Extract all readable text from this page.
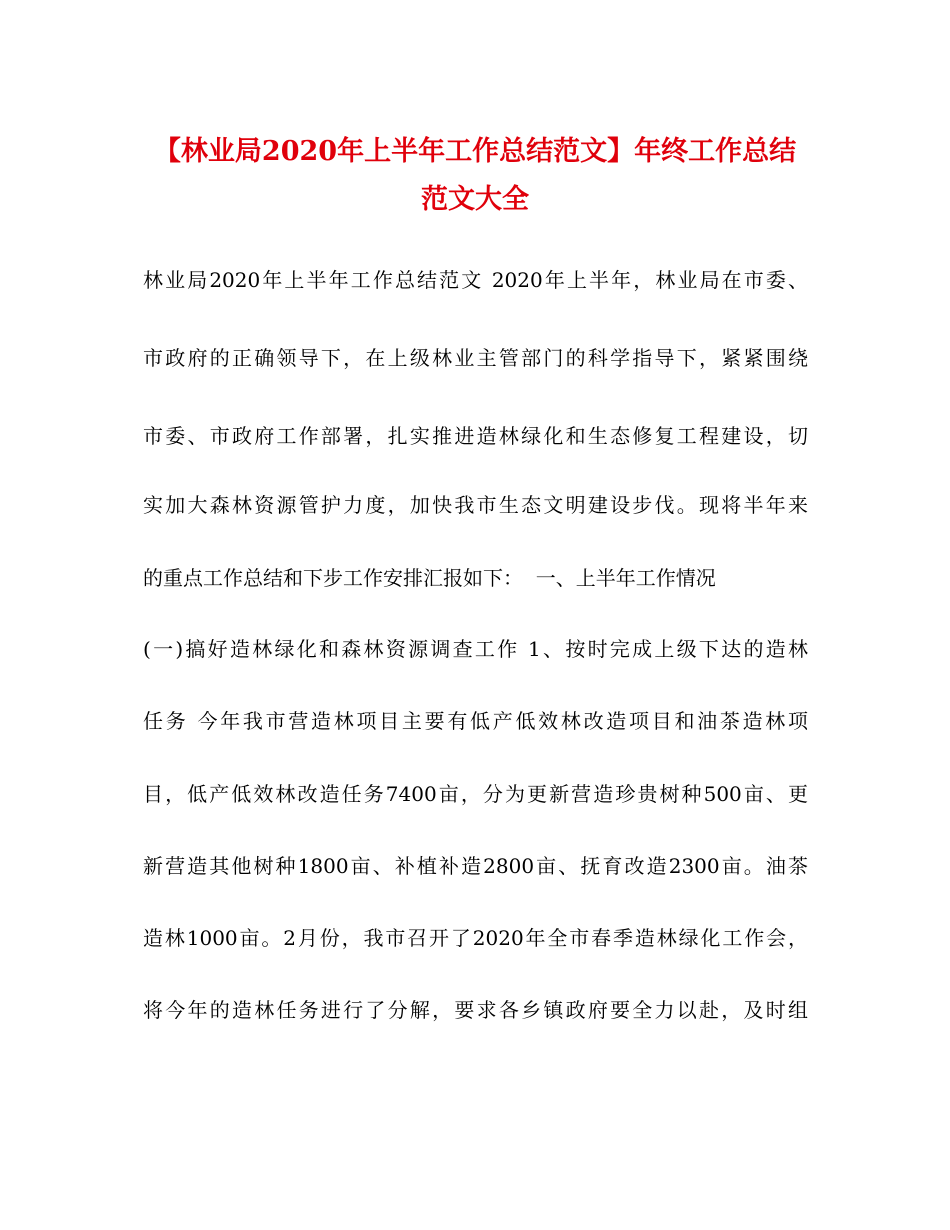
【林业局2020年上半年工作总结范文】年终工作总结
范文大全
林业局2020年上半年工作总结范文 2020年上半年，林业局在市委、
市政府的正确领导下，在上级林业主管部门的科学指导下，紧紧围绕
市委、市政府工作部署，扎实推进造林绿化和生态修复工程建设，切
实加大森林资源管护力度，加快我市生态文明建设步伐。现将半年来
的重点工作总结和下步工作安排汇报如下：  一、上半年工作情况
(一)搞好造林绿化和森林资源调查工作 1、按时完成上级下达的造林
任务 今年我市营造林项目主要有低产低效林改造项目和油茶造林项
目，低产低效林改造任务7400亩，分为更新营造珍贵树种500亩、更
新营造其他树种1800亩、补植补造2800亩、抚育改造2300亩。油茶
造林1000亩。2月份，我市召开了2020年全市春季造林绿化工作会，
将今年的造林任务进行了分解，要求各乡镇政府要全力以赴，及时组
